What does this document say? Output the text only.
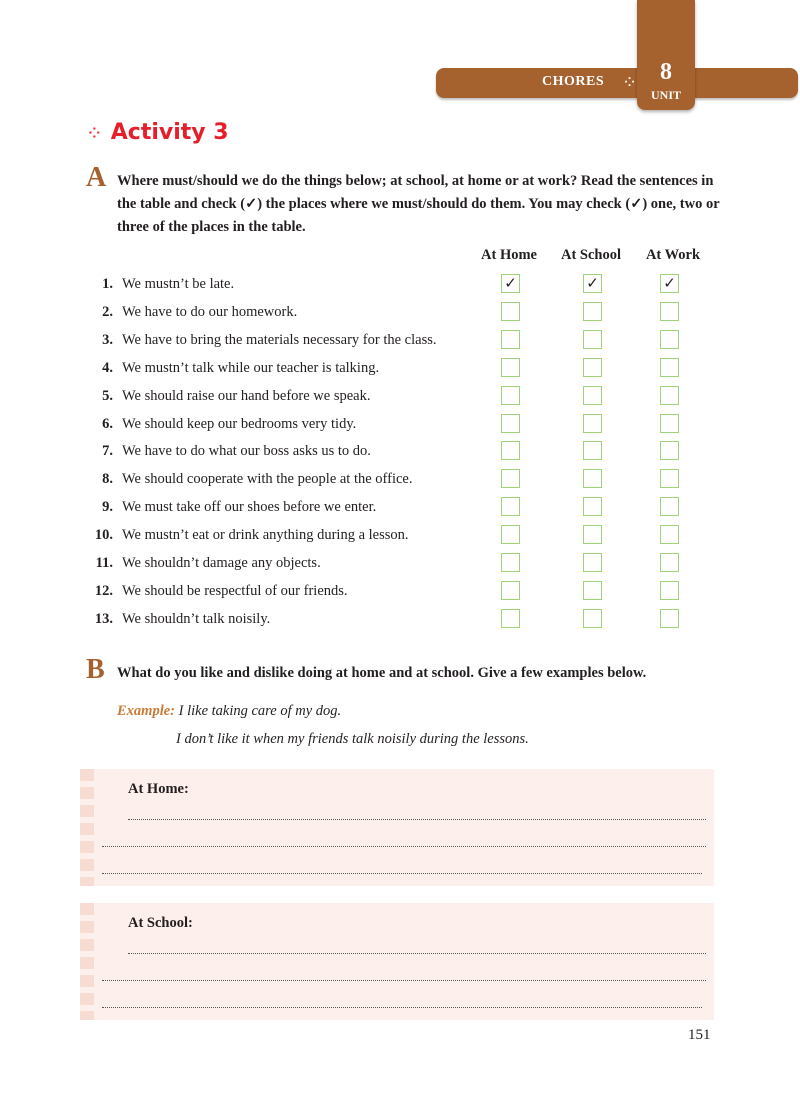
CHORES ⁘ 8
UNIT
⁘ Activity 3
A Where must/should we do the things below; at school, at home or at work? Read the sentences in the table and check (✓) the places where we must/should do them. You may check (✓) one, two or three of the places in the table.
At Home	At School	At Work
1. We mustn’t be late.	✓	✓	✓
2. We have to do our homework.
3. We have to bring the materials necessary for the class.
4. We mustn’t talk while our teacher is talking.
5. We should raise our hand before we speak.
6. We should keep our bedrooms very tidy.
7. We have to do what our boss asks us to do.
8. We should cooperate with the people at the office.
9. We must take off our shoes before we enter.
10. We mustn’t eat or drink anything during a lesson.
11. We shouldn’t damage any objects.
12. We should be respectful of our friends.
13. We shouldn’t talk noisily.
B What do you like and dislike doing at home and at school. Give a few examples below.
Example: I like taking care of my dog.
I don’t like it when my friends talk noisily during the lessons.
At Home:
At School:
151
